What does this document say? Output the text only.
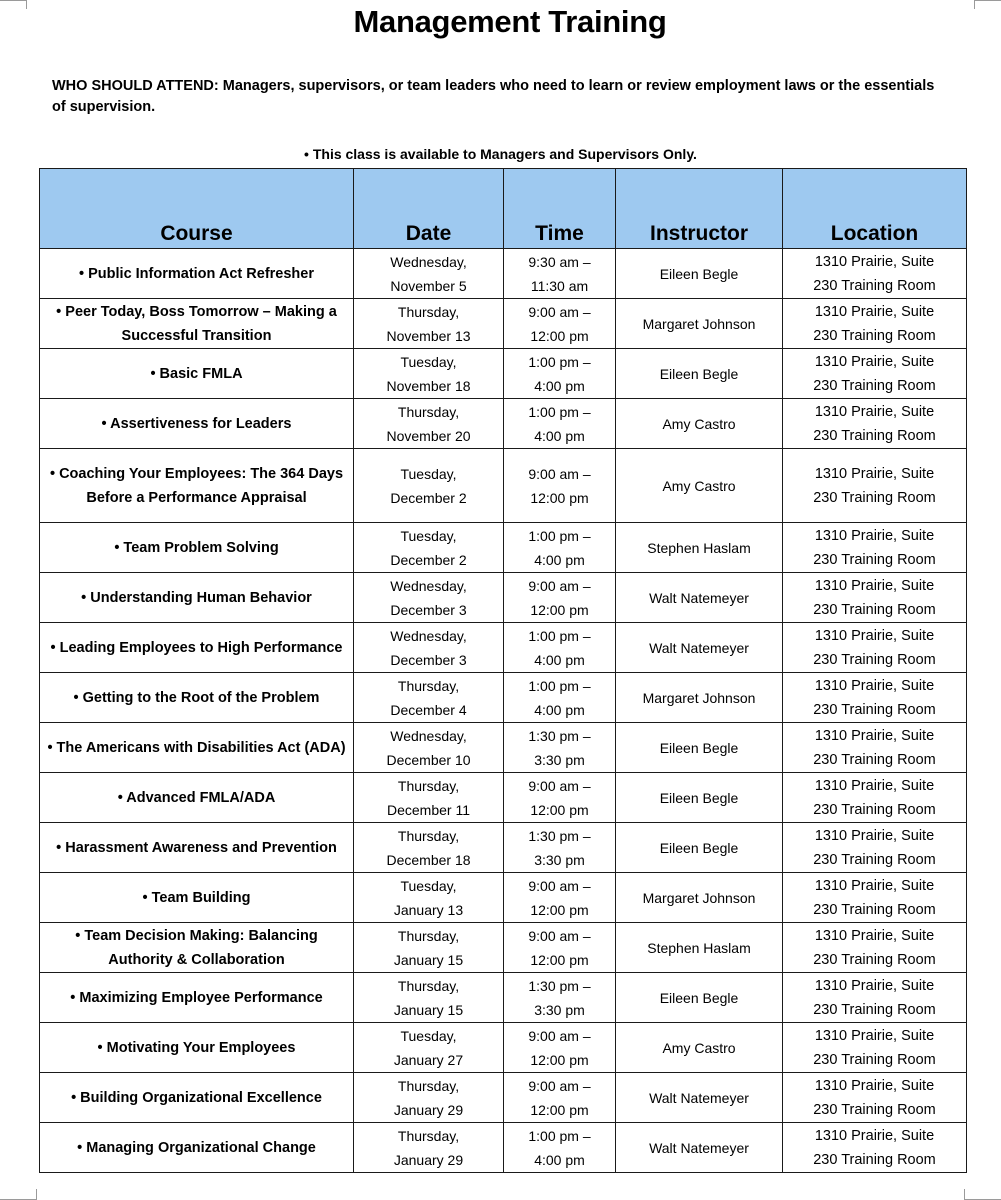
Management Training
WHO SHOULD ATTEND: Managers, supervisors, or team leaders who need to learn or review employment laws or the essentials of supervision.
• This class is available to Managers and Supervisors Only.
Course	Date	Time	Instructor	Location
• Public Information Act Refresher	Wednesday,
November 5	9:30 am –
11:30 am	Eileen Begle	1310 Prairie, Suite
230 Training Room

• Peer Today, Boss Tomorrow – Making a Successful Transition	Thursday,
November 13	9:00 am –
12:00 pm	Margaret Johnson	1310 Prairie, Suite
230 Training Room

• Basic FMLA	Tuesday,
November 18	1:00 pm –
4:00 pm	Eileen Begle	1310 Prairie, Suite
230 Training Room

• Assertiveness for Leaders	Thursday,
November 20	1:00 pm –
4:00 pm	Amy Castro	1310 Prairie, Suite
230 Training Room

• Coaching Your Employees: The 364 Days Before a Performance Appraisal	Tuesday,
December 2	9:00 am –
12:00 pm	Amy Castro	1310 Prairie, Suite
230 Training Room

• Team Problem Solving	Tuesday,
December 2	1:00 pm –
4:00 pm	Stephen Haslam	1310 Prairie, Suite
230 Training Room

• Understanding Human Behavior	Wednesday,
December 3	9:00 am –
12:00 pm	Walt Natemeyer	1310 Prairie, Suite
230 Training Room

• Leading Employees to High Performance	Wednesday,
December 3	1:00 pm –
4:00 pm	Walt Natemeyer	1310 Prairie, Suite
230 Training Room

• Getting to the Root of the Problem	Thursday,
December 4	1:00 pm –
4:00 pm	Margaret Johnson	1310 Prairie, Suite
230 Training Room

• The Americans with Disabilities Act (ADA)	Wednesday,
December 10	1:30 pm –
3:30 pm	Eileen Begle	1310 Prairie, Suite
230 Training Room

• Advanced FMLA/ADA	Thursday,
December 11	9:00 am –
12:00 pm	Eileen Begle	1310 Prairie, Suite
230 Training Room

• Harassment Awareness and Prevention	Thursday,
December 18	1:30 pm –
3:30 pm	Eileen Begle	1310 Prairie, Suite
230 Training Room

• Team Building	Tuesday,
January 13	9:00 am –
12:00 pm	Margaret Johnson	1310 Prairie, Suite
230 Training Room

• Team Decision Making: Balancing Authority & Collaboration	Thursday,
January 15	9:00 am –
12:00 pm	Stephen Haslam	1310 Prairie, Suite
230 Training Room

• Maximizing Employee Performance	Thursday,
January 15	1:30 pm –
3:30 pm	Eileen Begle	1310 Prairie, Suite
230 Training Room

• Motivating Your Employees	Tuesday,
January 27	9:00 am –
12:00 pm	Amy Castro	1310 Prairie, Suite
230 Training Room

• Building Organizational Excellence	Thursday,
January 29	9:00 am –
12:00 pm	Walt Natemeyer	1310 Prairie, Suite
230 Training Room

• Managing Organizational Change	Thursday,
January 29	1:00 pm –
4:00 pm	Walt Natemeyer	1310 Prairie, Suite
230 Training Room
